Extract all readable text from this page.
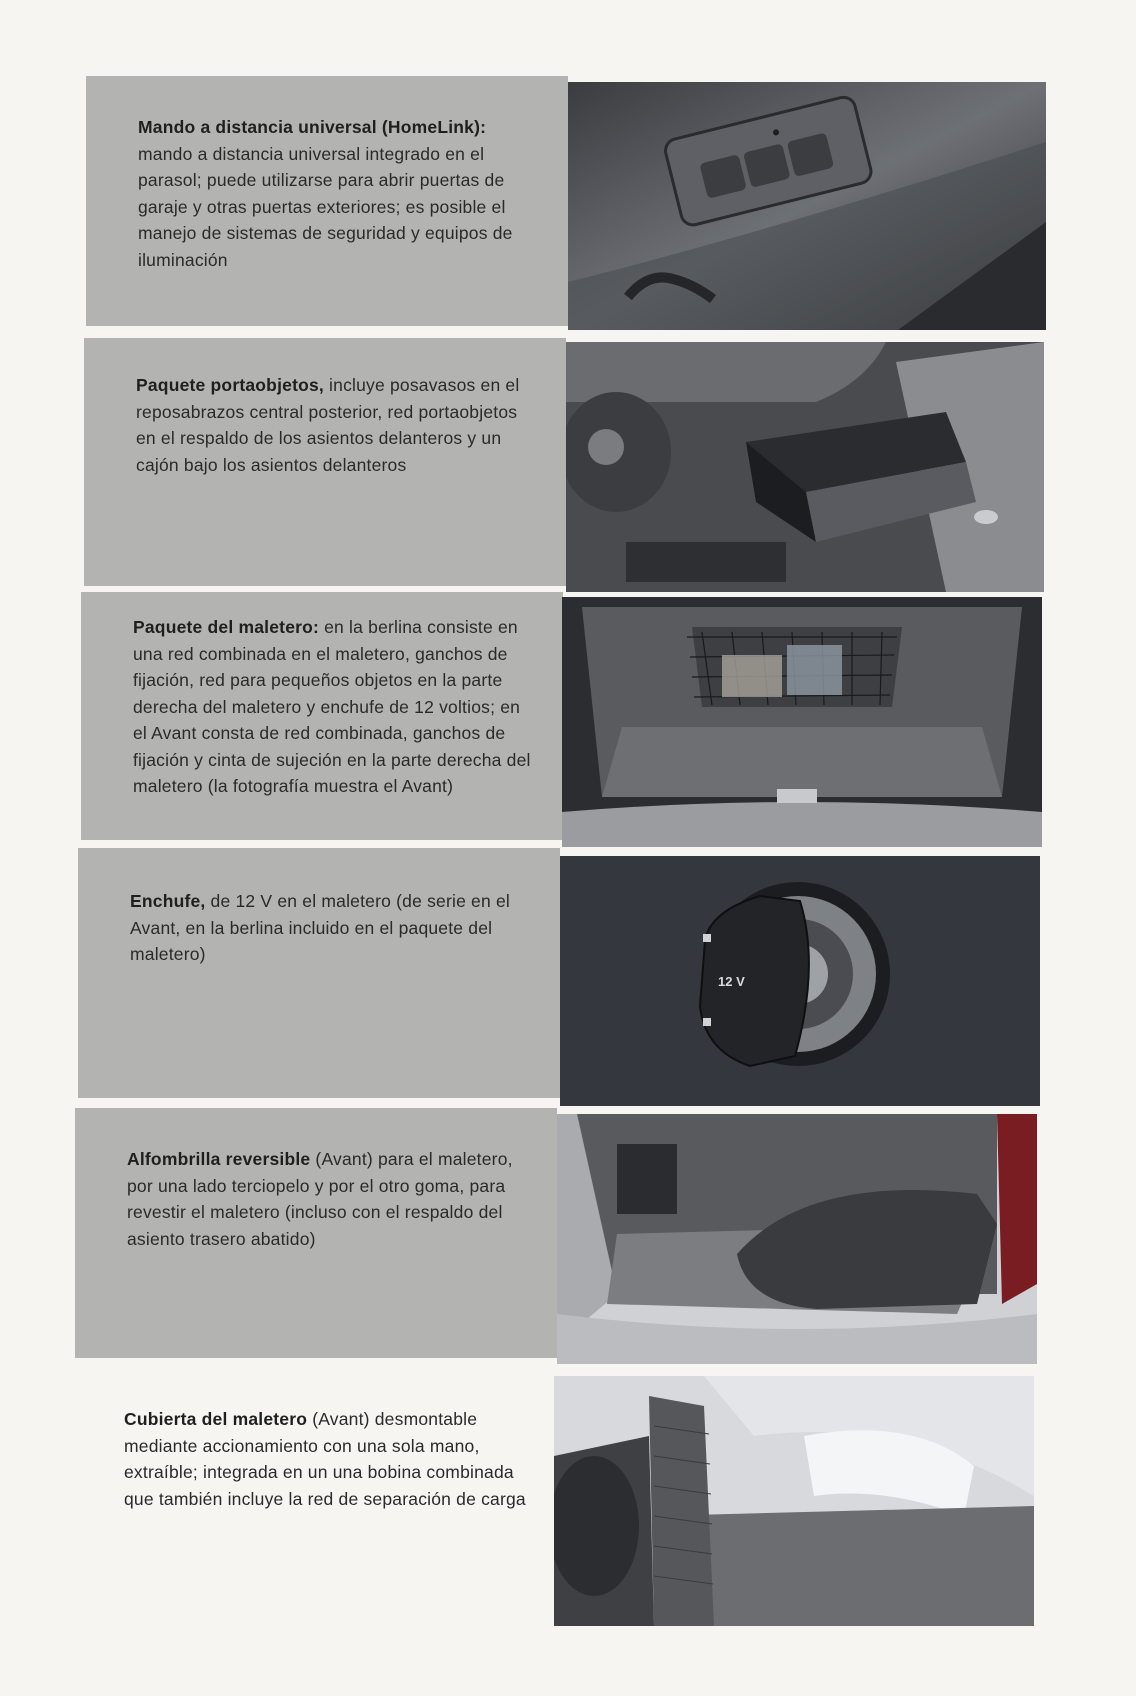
Mando a distancia universal (HomeLink): mando a distancia universal integrado en el parasol; puede utilizarse para abrir puertas de garaje y otras puertas exteriores; es posible el manejo de sistemas de seguridad y equipos de iluminación
Paquete portaobjetos, incluye posavasos en el reposabrazos central posterior, red portaobjetos en el respaldo de los asientos delanteros y un cajón bajo los asientos delanteros
Paquete del maletero: en la berlina consiste en una red combinada en el maletero, ganchos de fijación, red para pequeños objetos en la parte derecha del maletero y enchufe de 12 voltios; en el Avant consta de red combinada, ganchos de fijación y cinta de sujeción en la parte derecha del maletero (la fotografía muestra el Avant)
Enchufe, de 12 V en el maletero (de serie en el Avant, en la berlina incluido en el paquete del maletero)
12 V
Alfombrilla reversible (Avant) para el maletero, por una lado terciopelo y por el otro goma, para revestir el maletero (incluso con el respaldo del asiento trasero abatido)
Cubierta del maletero (Avant) desmontable mediante accionamiento con una sola mano, extraíble; integrada en un una bobina combinada que también incluye la red de separación de carga
